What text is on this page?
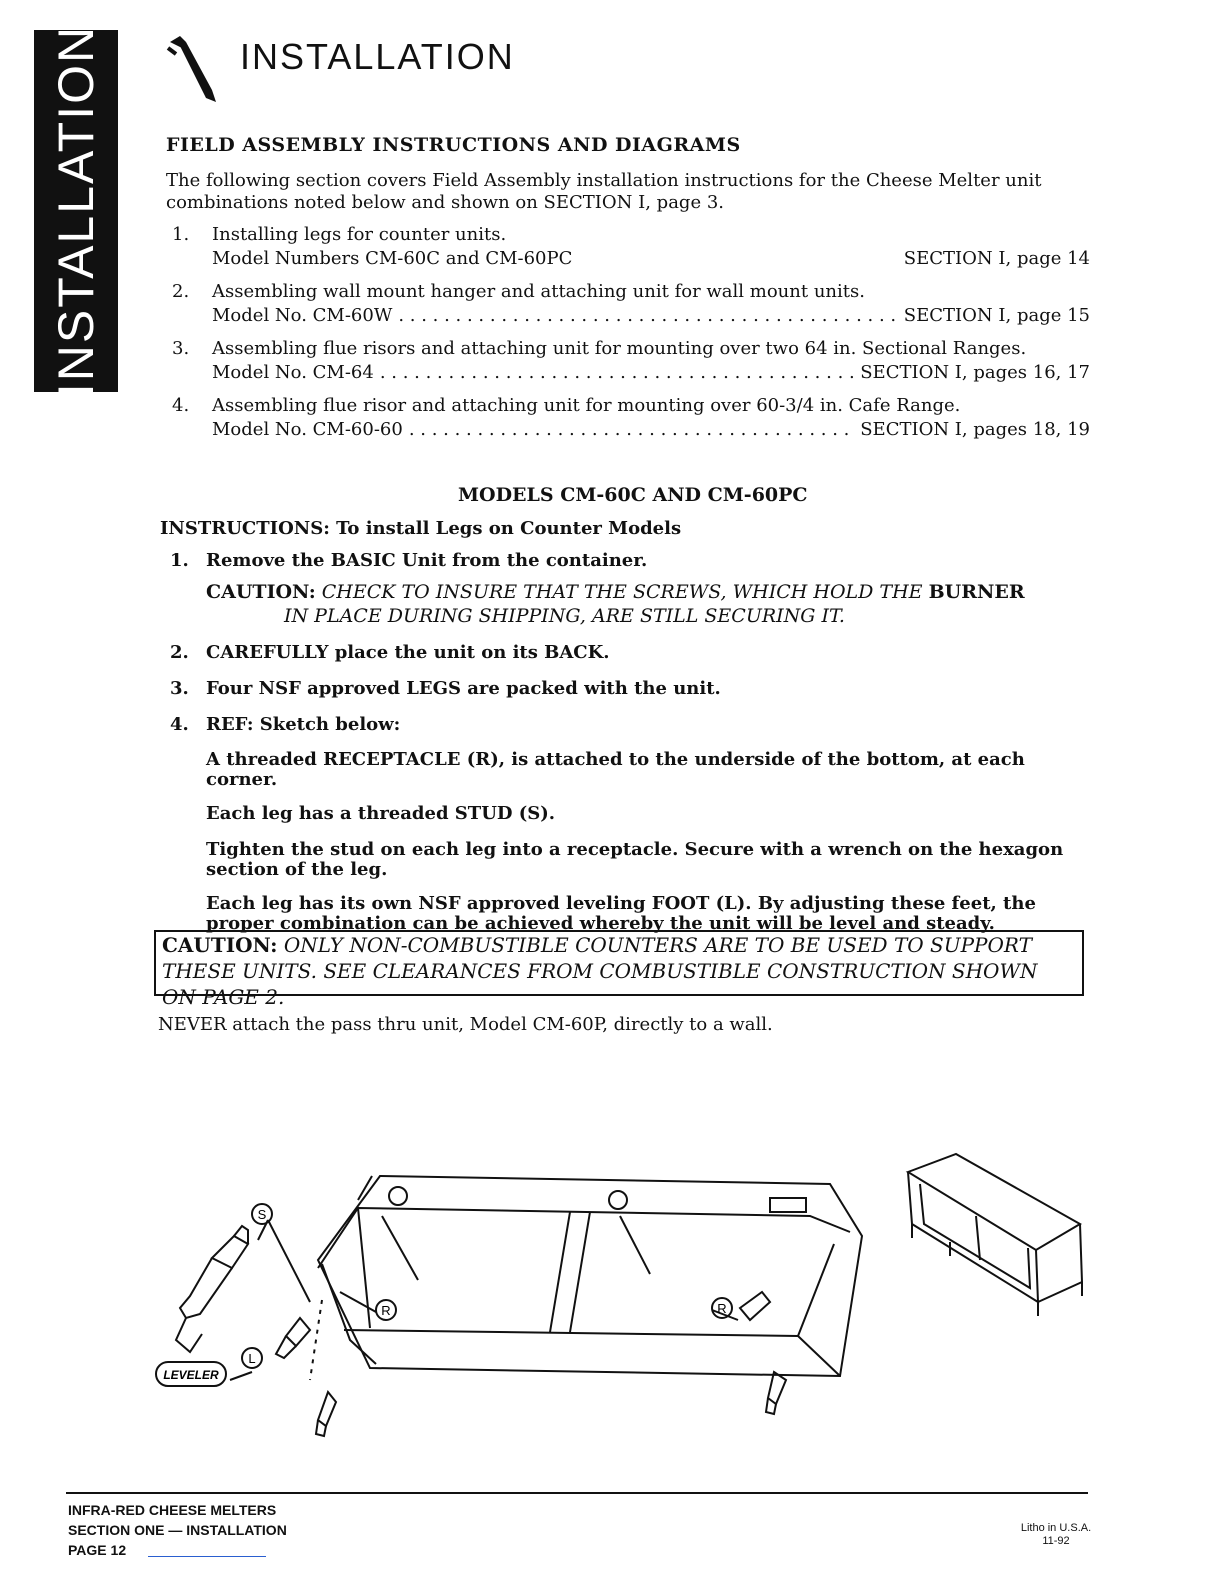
INSTALLATION	INSTALLATION
FIELD ASSEMBLY INSTRUCTIONS AND DIAGRAMS
The following section covers Field Assembly installation instructions for the Cheese Melter unit combinations noted below and shown on SECTION I, page 3.
1. Installing legs for counter units.
Model Numbers CM-60C and CM-60PC	SECTION I, page 14
2. Assembling wall mount hanger and attaching unit for wall mount units.
Model No. CM-60W . . .	SECTION I, page 15
3. Assembling flue risors and attaching unit for mounting over two 64 in. Sectional Ranges.
Model No. CM-64 . . .	SECTION I, pages 16, 17
4. Assembling flue risor and attaching unit for mounting over 60-3/4 in. Cafe Range.
Model No. CM-60-60 . . .	SECTION I, pages 18, 19
MODELS CM-60C AND CM-60PC
INSTRUCTIONS: To install Legs on Counter Models
1. Remove the BASIC Unit from the container.
CAUTION: CHECK TO INSURE THAT THE SCREWS, WHICH HOLD THE BURNER
IN PLACE DURING SHIPPING, ARE STILL SECURING IT.
2. CAREFULLY place the unit on its BACK.
3. Four NSF approved LEGS are packed with the unit.
4. REF: Sketch below:
A threaded RECEPTACLE (R), is attached to the underside of the bottom, at each corner.
Each leg has a threaded STUD (S).
Tighten the stud on each leg into a receptacle. Secure with a wrench on the hexagon section of the leg.
Each leg has its own NSF approved leveling FOOT (L). By adjusting these feet, the proper combination can be achieved whereby the unit will be level and steady.
CAUTION: ONLY NON-COMBUSTIBLE COUNTERS ARE TO BE USED TO SUPPORT THESE UNITS. SEE CLEARANCES FROM COMBUSTIBLE CONSTRUCTION SHOWN ON PAGE 2.
NEVER attach the pass thru unit, Model CM-60P, directly to a wall.
S
R	R
L
LEVELER
INFRA-RED CHEESE MELTERS
SECTION ONE — INSTALLATION
PAGE 12
Litho in U.S.A.
11-92
